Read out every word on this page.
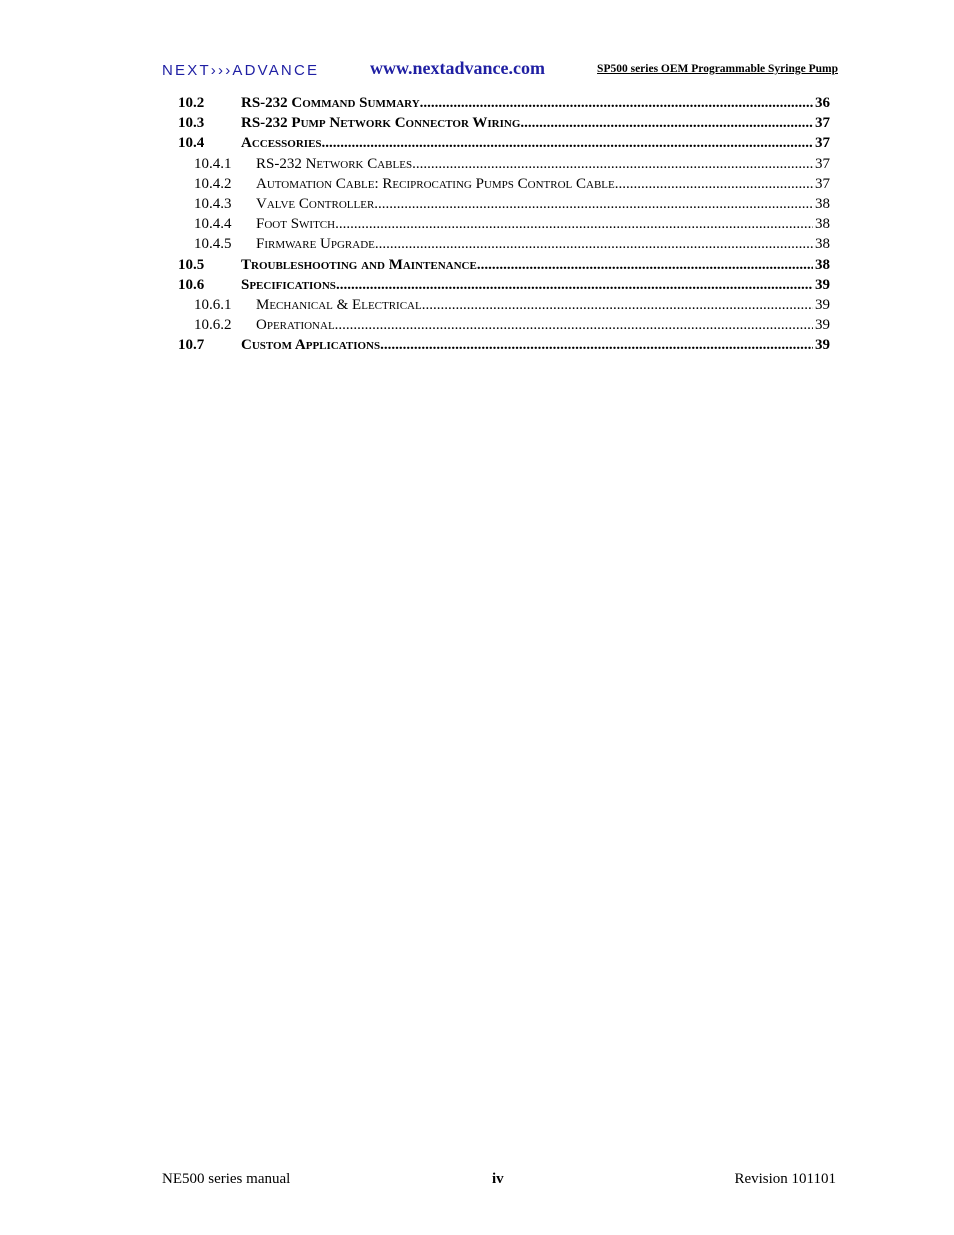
NEXT›››ADVANCE	www.nextadvance.com	SP500 series OEM Programmable Syringe Pump
10.2	RS-232 Command Summary .....	36
10.3	RS-232 Pump Network Connector Wiring .....	37
10.4	Accessories .....	37
10.4.1	RS-232 Network Cables .....	37
10.4.2	Automation Cable: Reciprocating Pumps Control Cable .....	37
10.4.3	Valve Controller .....	38
10.4.4	Foot Switch .....	38
10.4.5	Firmware Upgrade .....	38
10.5	Troubleshooting and Maintenance .....	38
10.6	Specifications .....	39
10.6.1	Mechanical & Electrical .....	39
10.6.2	Operational .....	39
10.7	Custom Applications .....	39
NE500 series manual	iv	Revision 101101
